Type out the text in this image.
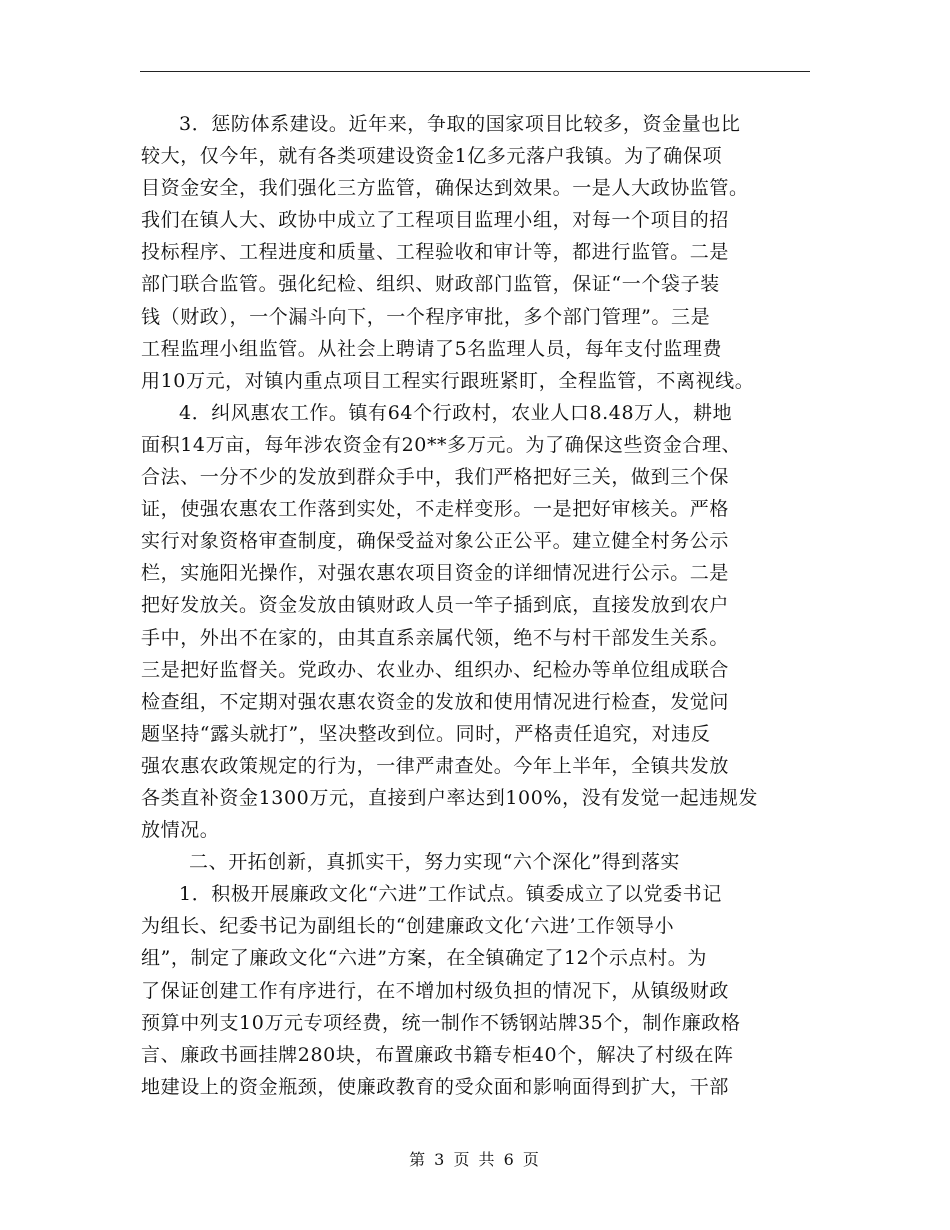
3．惩防体系建设。近年来，争取的国家项目比较多，资金量也比
较大，仅今年，就有各类项建设资金1亿多元落户我镇。为了确保项
目资金安全，我们强化三方监管，确保达到效果。一是人大政协监管。
我们在镇人大、政协中成立了工程项目监理小组，对每一个项目的招
投标程序、工程进度和质量、工程验收和审计等，都进行监管。二是
部门联合监管。强化纪检、组织、财政部门监管，保证“一个袋子装
钱（财政），一个漏斗向下，一个程序审批，多个部门管理”。三是
工程监理小组监管。从社会上聘请了5名监理人员，每年支付监理费
用10万元，对镇内重点项目工程实行跟班紧盯，全程监管，不离视线。
4．纠风惠农工作。镇有64个行政村，农业人口8.48万人，耕地
面积14万亩，每年涉农资金有20**多万元。为了确保这些资金合理、
合法、一分不少的发放到群众手中，我们严格把好三关，做到三个保
证，使强农惠农工作落到实处，不走样变形。一是把好审核关。严格
实行对象资格审查制度，确保受益对象公正公平。建立健全村务公示
栏，实施阳光操作，对强农惠农项目资金的详细情况进行公示。二是
把好发放关。资金发放由镇财政人员一竿子插到底，直接发放到农户
手中，外出不在家的，由其直系亲属代领，绝不与村干部发生关系。
三是把好监督关。党政办、农业办、组织办、纪检办等单位组成联合
检查组，不定期对强农惠农资金的发放和使用情况进行检查，发觉问
题坚持“露头就打”，坚决整改到位。同时，严格责任追究，对违反
强农惠农政策规定的行为，一律严肃查处。今年上半年，全镇共发放
各类直补资金1300万元，直接到户率达到100%，没有发觉一起违规发
放情况。
二、开拓创新，真抓实干，努力实现“六个深化”得到落实
1．积极开展廉政文化“六进”工作试点。镇委成立了以党委书记
为组长、纪委书记为副组长的“创建廉政文化‘六进’工作领导小
组”，制定了廉政文化“六进”方案，在全镇确定了12个示点村。为
了保证创建工作有序进行，在不增加村级负担的情况下，从镇级财政
预算中列支10万元专项经费，统一制作不锈钢站牌35个，制作廉政格
言、廉政书画挂牌280块，布置廉政书籍专柜40个，解决了村级在阵
地建设上的资金瓶颈，使廉政教育的受众面和影响面得到扩大，干部
第 3 页 共 6 页
